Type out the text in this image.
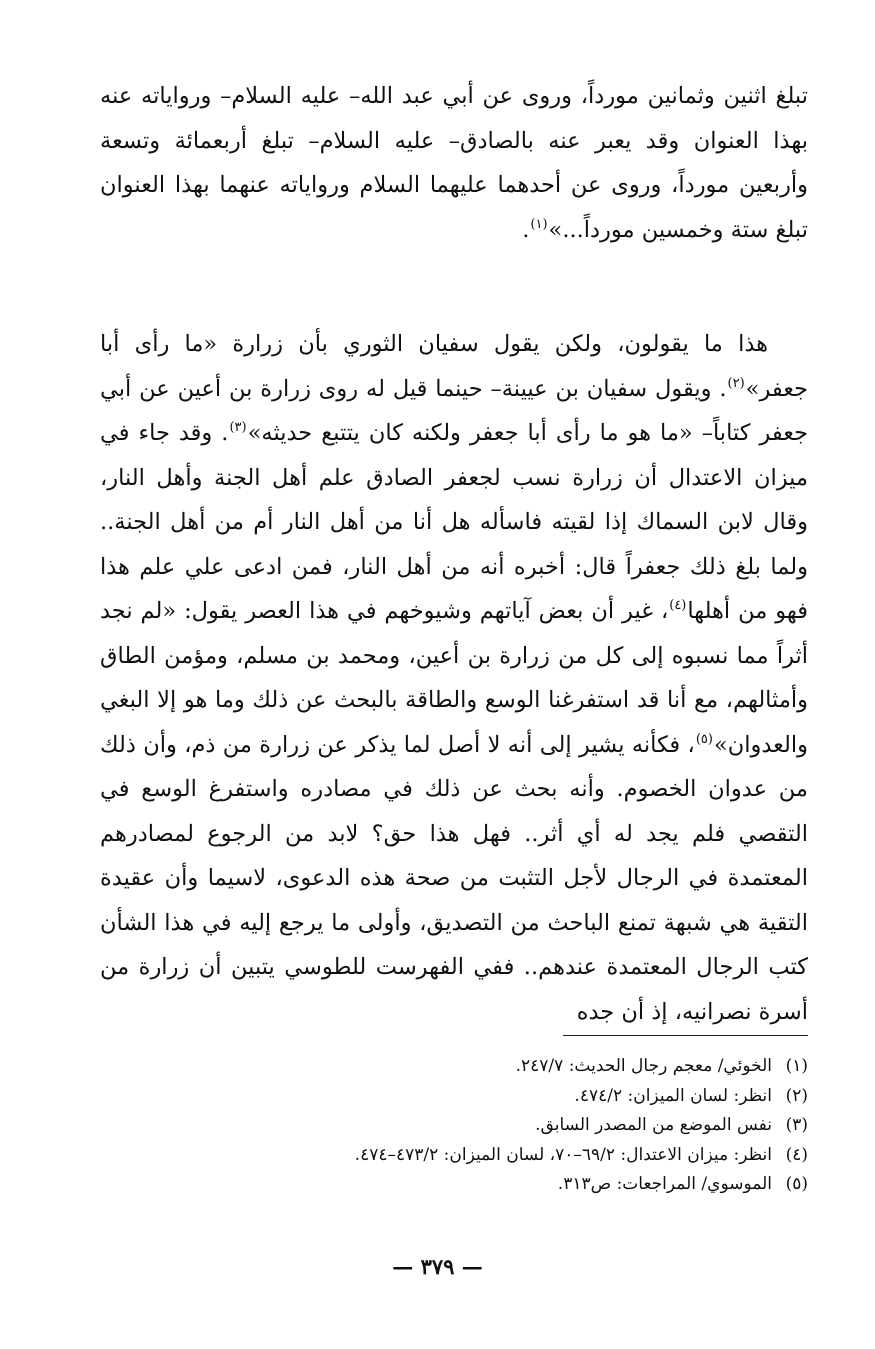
تبلغ اثنين وثمانين مورداً، وروى عن أبي عبد الله– عليه السلام– ورواياته عنه بهذا العنوان وقد يعبر عنه بالصادق– عليه السلام– تبلغ أربعمائة وتسعة وأربعين مورداً، وروى عن أحدهما عليهما السلام ورواياته عنهما بهذا العنوان تبلغ ستة وخمسين مورداً...»$^{(١)}$.

هذا ما يقولون، ولكن يقول سفيان الثوري بأن زرارة «ما رأى أبا جعفر»$^{(٢)}$. ويقول سفيان بن عيينة– حينما قيل له روى زرارة بن أعين عن أبي جعفر كتاباً– «ما هو ما رأى أبا جعفر ولكنه كان يتتبع حديثه»$^{(٣)}$. وقد جاء في ميزان الاعتدال أن زرارة نسب لجعفر الصادق علم أهل الجنة وأهل النار، وقال لابن السماك إذا لقيته فاسأله هل أنا من أهل النار أم من أهل الجنة.. ولما بلغ ذلك جعفراً قال: أخبره أنه من أهل النار، فمن ادعى علي علم هذا فهو من أهلها$^{(٤)}$، غير أن بعض آياتهم وشيوخهم في هذا العصر يقول: «لم نجد أثراً مما نسبوه إلى كل من زرارة بن أعين، ومحمد بن مسلم، ومؤمن الطاق وأمثالهم، مع أنا قد استفرغنا الوسع والطاقة بالبحث عن ذلك وما هو إلا البغي والعدوان»$^{(٥)}$، فكأنه يشير إلى أنه لا أصل لما يذكر عن زرارة من ذم، وأن ذلك من عدوان الخصوم. وأنه بحث عن ذلك في مصادره واستفرغ الوسع في التقصي فلم يجد له أي أثر.. فهل هذا حق؟ لابد من الرجوع لمصادرهم المعتمدة في الرجال لأجل التثبت من صحة هذه الدعوى، لاسيما وأن عقيدة التقية هي شبهة تمنع الباحث من التصديق، وأولى ما يرجع إليه في هذا الشأن كتب الرجال المعتمدة عندهم.. ففي الفهرست للطوسي يتبين أن زرارة من أسرة نصرانيه، إذ أن جده

(١)الخوئي/ معجم رجال الحديث: ٢٤٧/٧.
(٢)انظر: لسان الميزان: ٤٧٤/٢.
(٣)نفس الموضع من المصدر السابق.
(٤)انظر: ميزان الاعتدال: ٦٩/٢–٧٠، لسان الميزان: ٤٧٣/٢–٤٧٤.
(٥)الموسوي/ المراجعات: ص٣١٣.
— ٣٧٩ —
